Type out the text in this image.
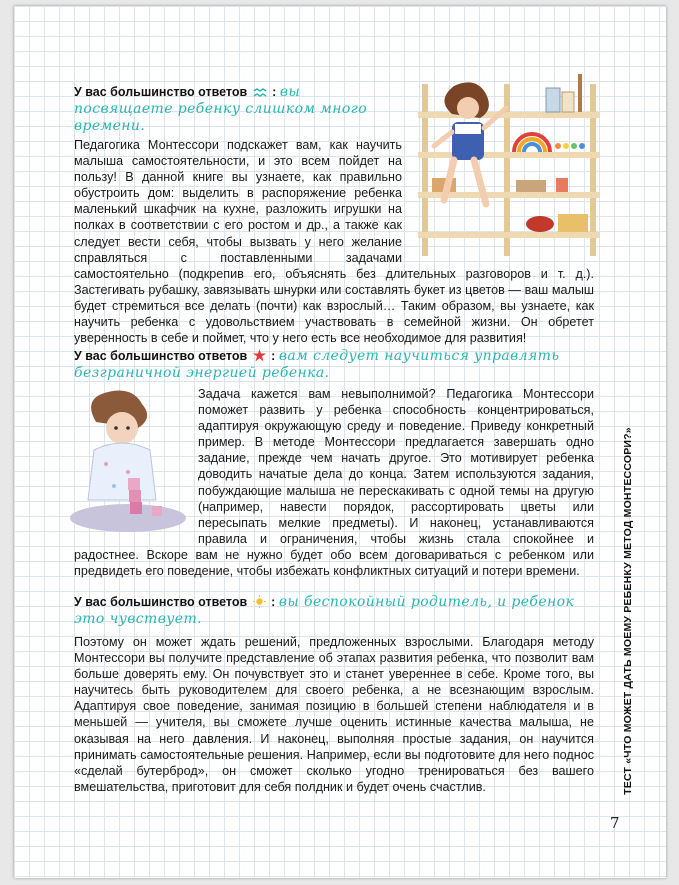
У вас большинство ответов  : вы посвящаете ребенку слишком много времени.

Педагогика Монтессори подскажет вам, как научить малыша самостоятельности, и это всем пойдет на пользу! В данной книге вы узнаете, как правильно обустроить дом: выделить в распоряжение ребенка маленький шкафчик на кухне, разложить игрушки на полках в соответствии с его ростом и др., а также как следует вести себя, чтобы вызвать у него желание справляться с поставленными задачами самостоятельно (подкрепив его, объяснять без длительных разговоров и т. д.). Застегивать рубашку, завязывать шнурки или составлять букет из цветов — ваш малыш будет стремиться все делать (почти) как взрослый… Таким образом, вы узнаете, как научить ребенка с удовольствием участвовать в семейной жизни. Он обретет уверенность в себе и поймет, что у него есть все необходимое для развития!

У вас большинство ответов  : вам следует научиться управлять безграничной энергией ребенка.

Задача кажется вам невыполнимой? Педагогика Монтессори поможет развить у ребенка способность концентрироваться, адаптируя окружающую среду и поведение. Приведу конкретный пример. В методе Монтессори предлагается завершать одно задание, прежде чем начать другое. Это мотивирует ребенка доводить начатые дела до конца. Затем используются задания, побуждающие малыша не перескакивать с одной темы на другую (например, навести порядок, рассортировать цветы или пересыпать мелкие предметы). И наконец, устанавливаются правила и ограничения, чтобы жизнь стала спокойнее и радостнее. Вскоре вам не нужно будет обо всем договариваться с ребенком или предвидеть его поведение, чтобы избежать конфликтных ситуаций и потери времени.

У вас большинство ответов  : вы беспокойный родитель, и ребенок это чувствует.

Поэтому он может ждать решений, предложенных взрослыми. Благодаря методу Монтессори вы получите представление об этапах развития ребенка, что позволит вам больше доверять ему. Он почувствует это и станет увереннее в себе. Кроме того, вы научитесь быть руководителем для своего ребенка, а не всезнающим взрослым. Адаптируя свое поведение, занимая позицию в большей степени наблюдателя и в меньшей — учителя, вы сможете лучше оценить истинные качества малыша, не оказывая на него давления. И наконец, выполняя простые задания, он научится принимать самостоятельные решения. Например, если вы подготовите для него поднос «сделай бутерброд», он сможет сколько угодно тренироваться без вашего вмешательства, приготовит для себя полдник и будет очень счастлив.	ТЕСТ «ЧТО МОЖЕТ ДАТЬ МОЕМУ РЕБЕНКУ МЕТОД МОНТЕССОРИ?»
7
